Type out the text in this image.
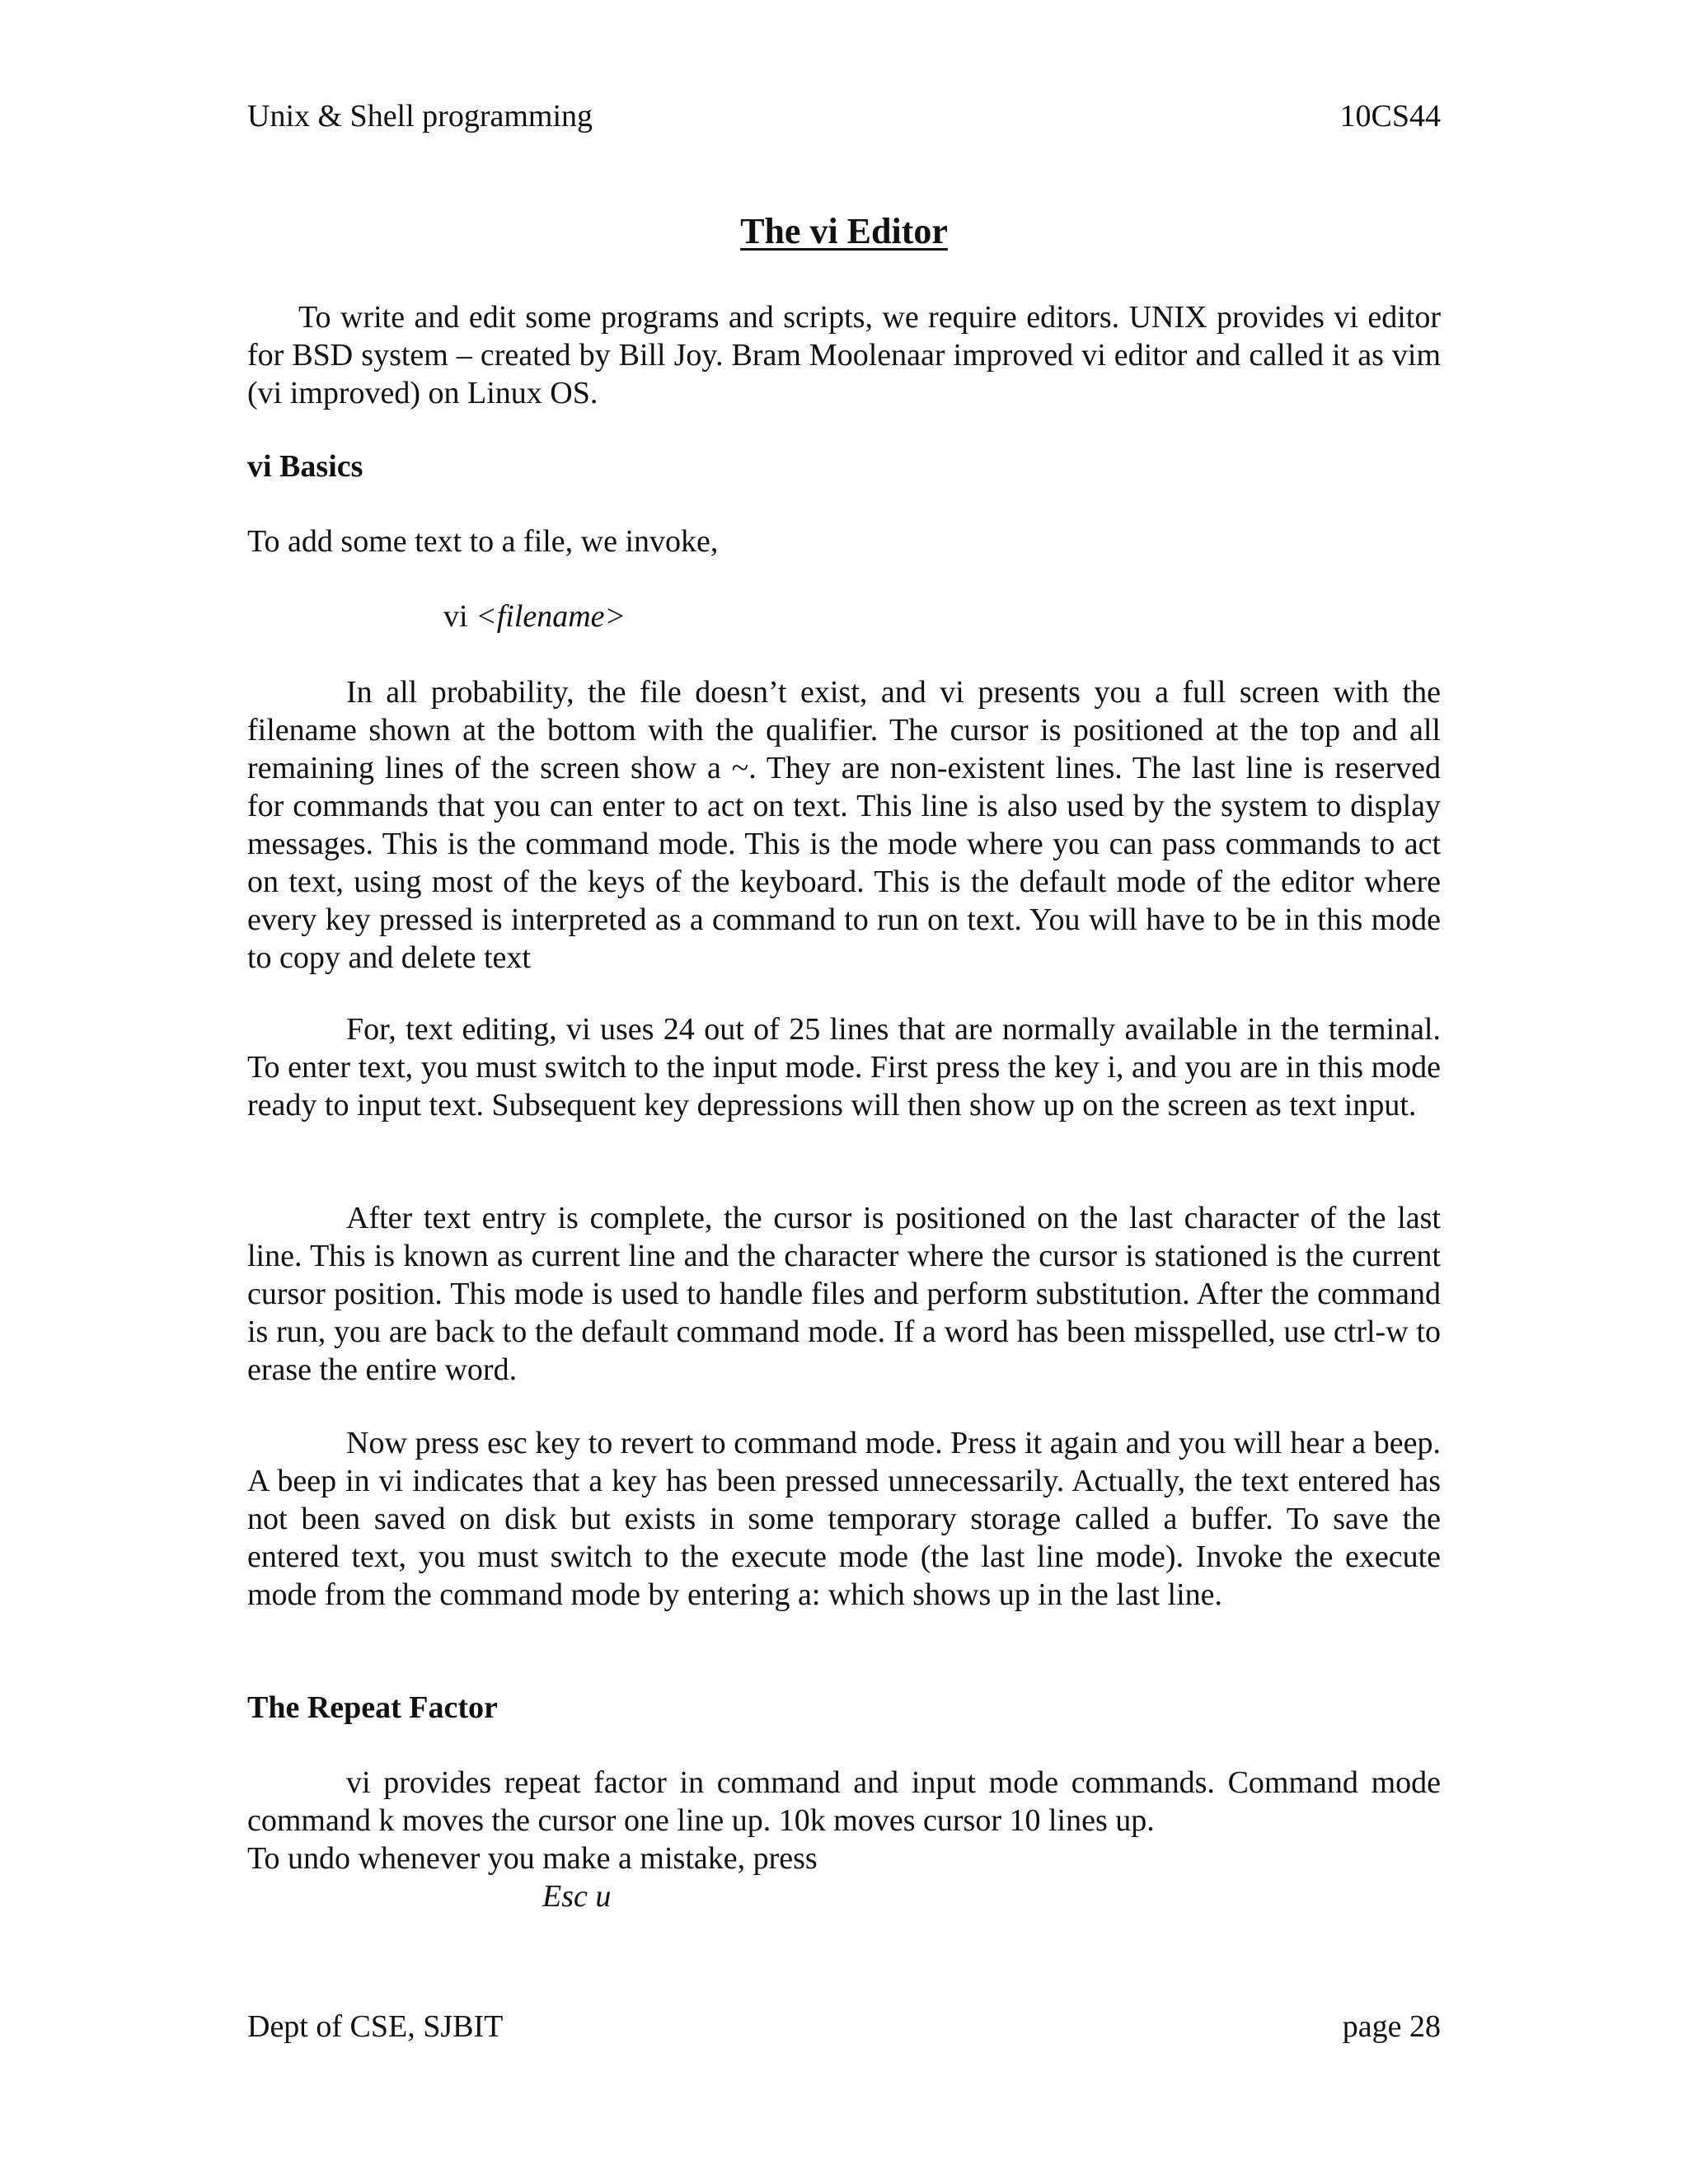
Unix & Shell programming	10CS44
The vi Editor

To write and edit some programs and scripts, we require editors. UNIX provides vi editor for BSD system – created by Bill Joy. Bram Moolenaar improved vi editor and called it as vim (vi improved) on Linux OS.

vi Basics

To add some text to a file, we invoke,

vi <filename>

In all probability, the file doesn’t exist, and vi presents you a full screen with the filename shown at the bottom with the qualifier. The cursor is positioned at the top and all remaining lines of the screen show a ~. They are non-existent lines. The last line is reserved for commands that you can enter to act on text. This line is also used by the system to display messages. This is the command mode. This is the mode where you can pass commands to act on text, using most of the keys of the keyboard. This is the default mode of the editor where every key pressed is interpreted as a command to run on text. You will have to be in this mode to copy and delete text

For, text editing, vi uses 24 out of 25 lines that are normally available in the terminal. To enter text, you must switch to the input mode. First press the key i, and you are in this mode ready to input text. Subsequent key depressions will then show up on the screen as text input.

After text entry is complete, the cursor is positioned on the last character of the last line. This is known as current line and the character where the cursor is stationed is the current cursor position. This mode is used to handle files and perform substitution. After the command is run, you are back to the default command mode. If a word has been misspelled, use ctrl-w to erase the entire word.

Now press esc key to revert to command mode. Press it again and you will hear a beep. A beep in vi indicates that a key has been pressed unnecessarily. Actually, the text entered has not been saved on disk but exists in some temporary storage called a buffer. To save the entered text, you must switch to the execute mode (the last line mode). Invoke the execute mode from the command mode by entering a: which shows up in the last line.

The Repeat Factor

vi provides repeat factor in command and input mode commands. Command mode command k moves the cursor one line up. 10k moves cursor 10 lines up.

To undo whenever you make a mistake, press

Esc u

Dept of CSE, SJBIT	page 28
